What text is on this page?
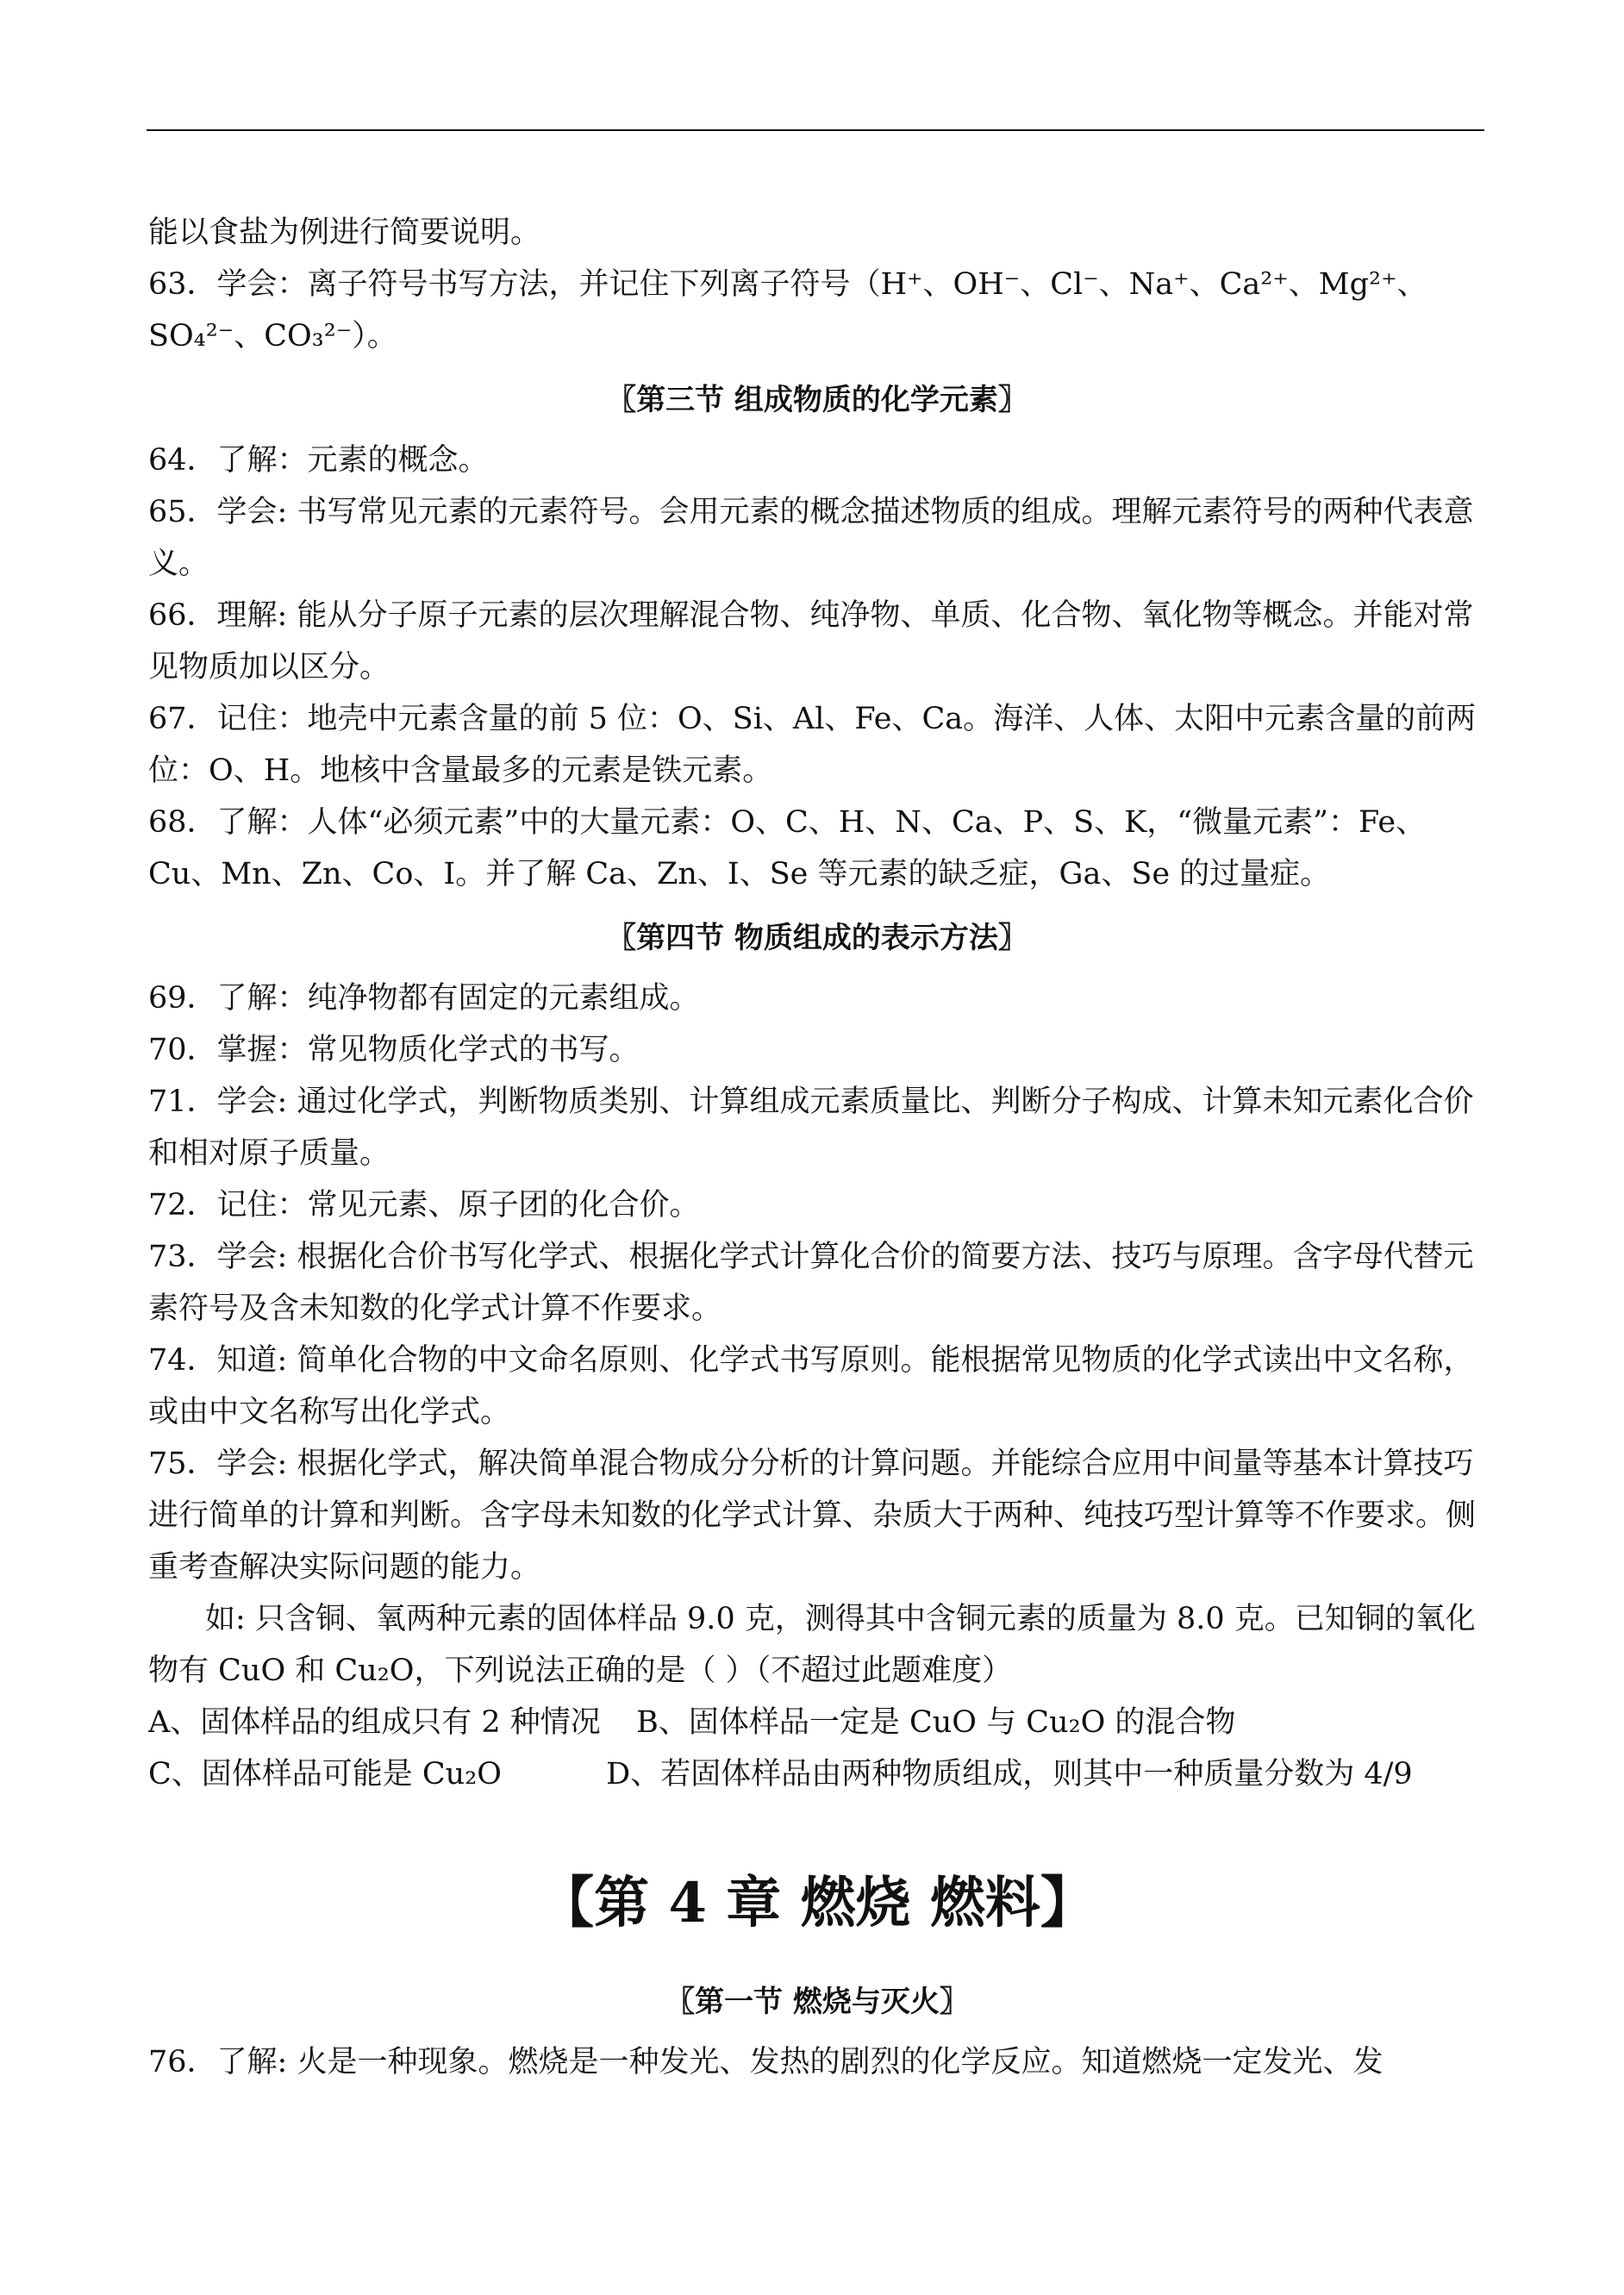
能以食盐为例进行简要说明。

63．学会：离子符号书写方法，并记住下列离子符号（H⁺、OH⁻、Cl⁻、Na⁺、Ca²⁺、Mg²⁺、SO₄²⁻、CO₃²⁻）。

〖第三节 组成物质的化学元素〗

64．了解：元素的概念。

65．学会: 书写常见元素的元素符号。会用元素的概念描述物质的组成。理解元素符号的两种代表意义。

66．理解: 能从分子原子元素的层次理解混合物、纯净物、单质、化合物、氧化物等概念。并能对常见物质加以区分。

67．记住：地壳中元素含量的前 5 位：O、Si、Al、Fe、Ca。海洋、人体、太阳中元素含量的前两位：O、H。地核中含量最多的元素是铁元素。

68．了解：人体“必须元素”中的大量元素：O、C、H、N、Ca、P、S、K，“微量元素”：Fe、Cu、Mn、Zn、Co、I。并了解 Ca、Zn、I、Se 等元素的缺乏症，Ga、Se 的过量症。

〖第四节 物质组成的表示方法〗

69．了解：纯净物都有固定的元素组成。

70．掌握：常见物质化学式的书写。

71．学会: 通过化学式，判断物质类别、计算组成元素质量比、判断分子构成、计算未知元素化合价和相对原子质量。

72．记住：常见元素、原子团的化合价。

73．学会: 根据化合价书写化学式、根据化学式计算化合价的简要方法、技巧与原理。含字母代替元素符号及含未知数的化学式计算不作要求。

74．知道: 简单化合物的中文命名原则、化学式书写原则。能根据常见物质的化学式读出中文名称，或由中文名称写出化学式。

75．学会: 根据化学式，解决简单混合物成分分析的计算问题。并能综合应用中间量等基本计算技巧进行简单的计算和判断。含字母未知数的化学式计算、杂质大于两种、纯技巧型计算等不作要求。侧重考查解决实际问题的能力。

如: 只含铜、氧两种元素的固体样品 9.0 克，测得其中含铜元素的质量为 8.0 克。已知铜的氧化物有 CuO 和 Cu₂O，下列说法正确的是（ ）（不超过此题难度）

A、固体样品的组成只有 2 种情况 B、固体样品一定是 CuO 与 Cu₂O 的混合物
C、固体样品可能是 Cu₂O	D、若固体样品由两种物质组成，则其中一种质量分数为 4/9

【第 4 章 燃烧 燃料】

〖第一节 燃烧与灭火〗

76．了解: 火是一种现象。燃烧是一种发光、发热的剧烈的化学反应。知道燃烧一定发光、发
